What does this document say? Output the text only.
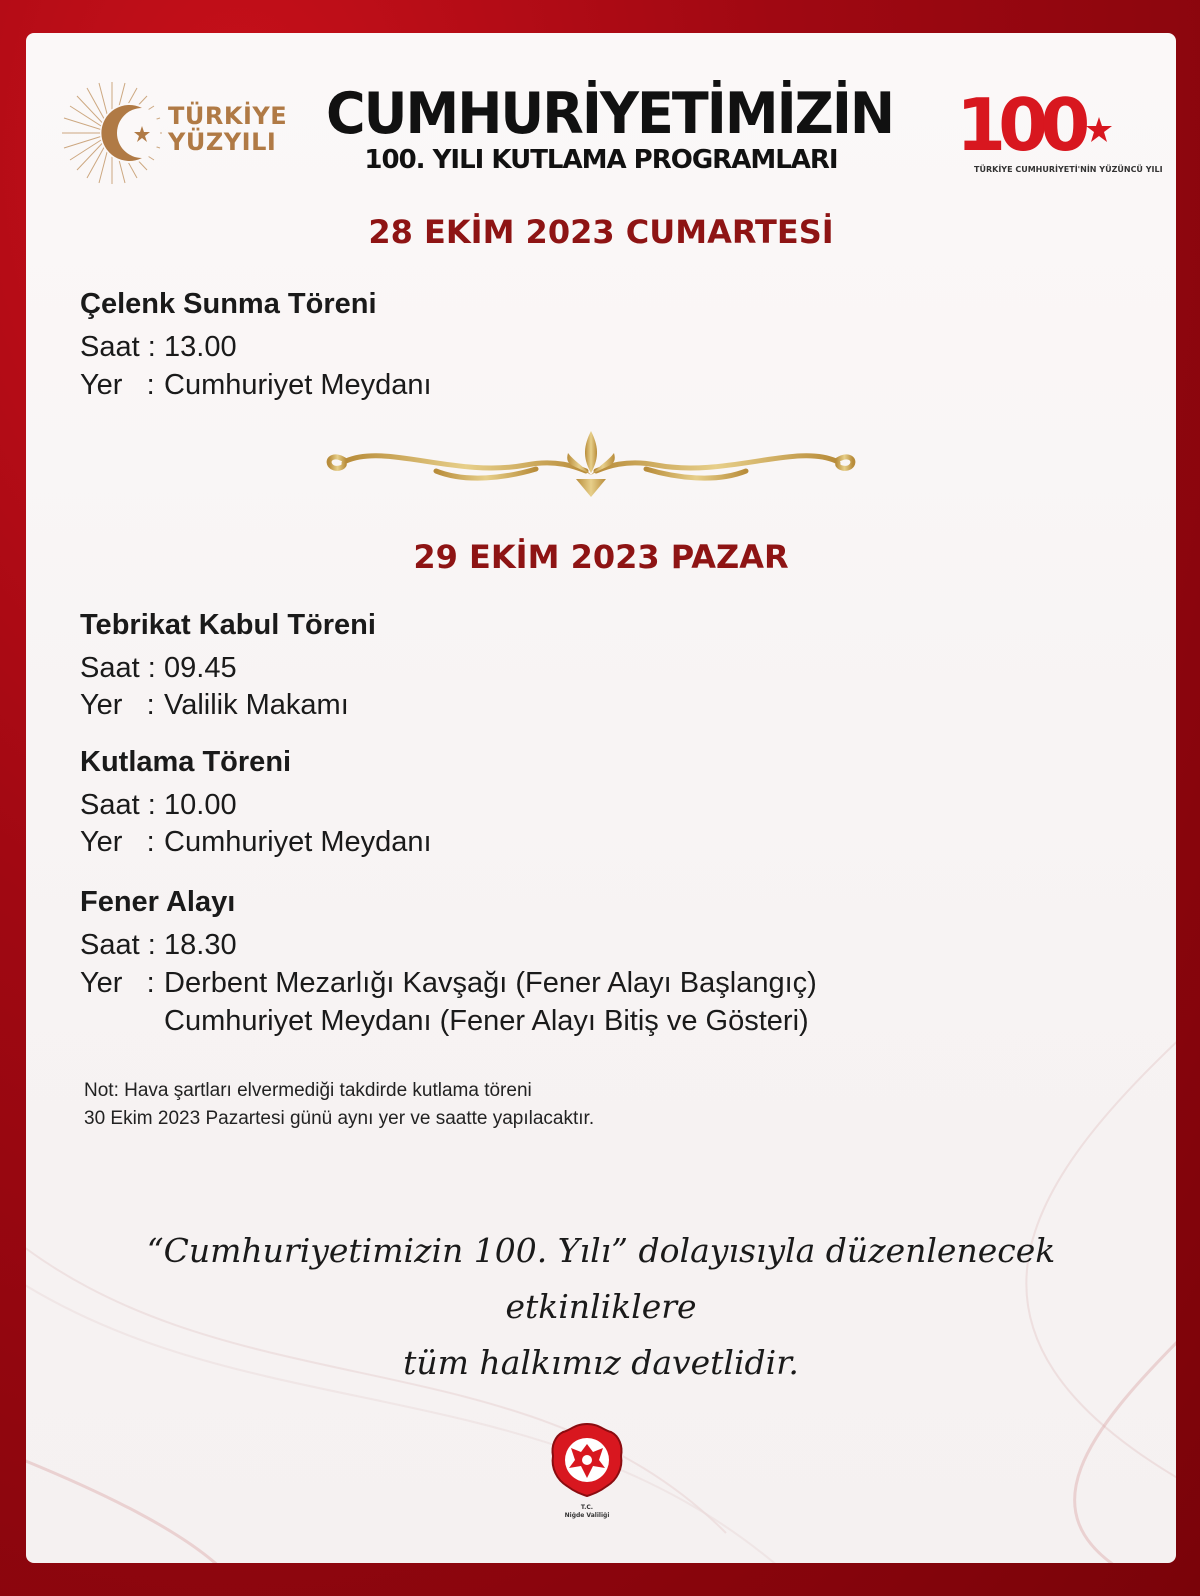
TÜRKİYE
YÜZYILI CUMHURİYETİMİZİN
100. YILI KUTLAMA PROGRAMLARI	100
TÜRKİYE CUMHURİYETİ'NİN YÜZÜNCÜ YILI
28 EKİM 2023 CUMARTESİ
Çelenk Sunma Töreni
Saat : 13.00
Yer   : Cumhuriyet Meydanı
29 EKİM 2023 PAZAR
Tebrikat Kabul Töreni
Saat : 09.45
Yer   : Valilik Makamı
Kutlama Töreni
Saat : 10.00
Yer   : Cumhuriyet Meydanı
Fener Alayı
Saat : 18.30
Yer   : Derbent Mezarlığı Kavşağı (Fener Alayı Başlangıç)
Cumhuriyet Meydanı (Fener Alayı Bitiş ve Gösteri)
Not: Hava şartları elvermediği takdirde kutlama töreni
30 Ekim 2023 Pazartesi günü aynı yer ve saatte yapılacaktır.
“Cumhuriyetimizin 100. Yılı” dolayısıyla düzenlenecek etkinliklere
tüm halkımız davetlidir.
T.C.
Niğde Valiliği
